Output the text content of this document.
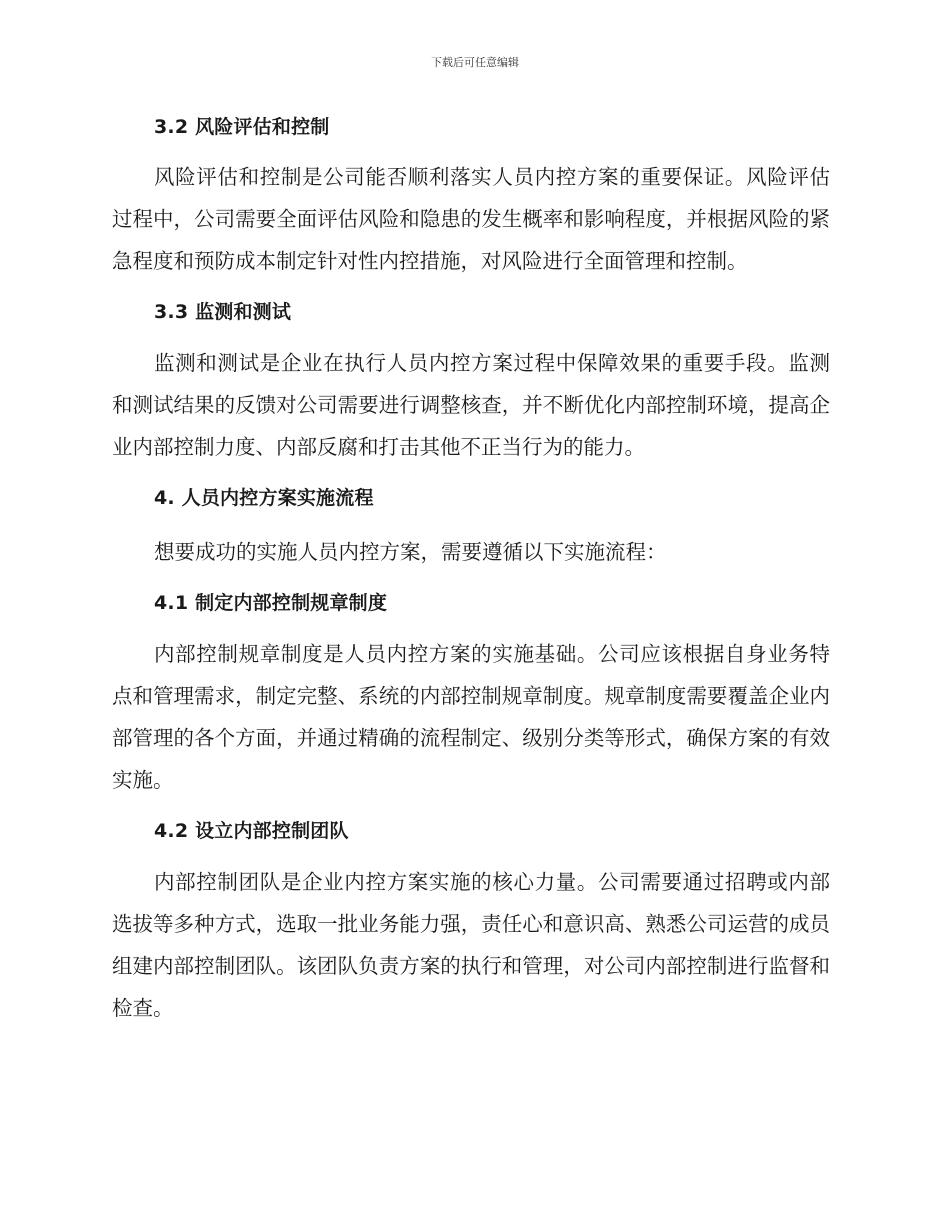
下载后可任意编辑
3.2 风险评估和控制

风险评估和控制是公司能否顺利落实人员内控方案的重要保证。风险评估过程中，公司需要全面评估风险和隐患的发生概率和影响程度，并根据风险的紧急程度和预防成本制定针对性内控措施，对风险进行全面管理和控制。

3.3 监测和测试

监测和测试是企业在执行人员内控方案过程中保障效果的重要手段。监测和测试结果的反馈对公司需要进行调整核查，并不断优化内部控制环境，提高企业内部控制力度、内部反腐和打击其他不正当行为的能力。

4. 人员内控方案实施流程

想要成功的实施人员内控方案，需要遵循以下实施流程：

4.1 制定内部控制规章制度

内部控制规章制度是人员内控方案的实施基础。公司应该根据自身业务特点和管理需求，制定完整、系统的内部控制规章制度。规章制度需要覆盖企业内部管理的各个方面，并通过精确的流程制定、级别分类等形式，确保方案的有效实施。

4.2 设立内部控制团队

内部控制团队是企业内控方案实施的核心力量。公司需要通过招聘或内部选拔等多种方式，选取一批业务能力强，责任心和意识高、熟悉公司运营的成员组建内部控制团队。该团队负责方案的执行和管理，对公司内部控制进行监督和检查。
